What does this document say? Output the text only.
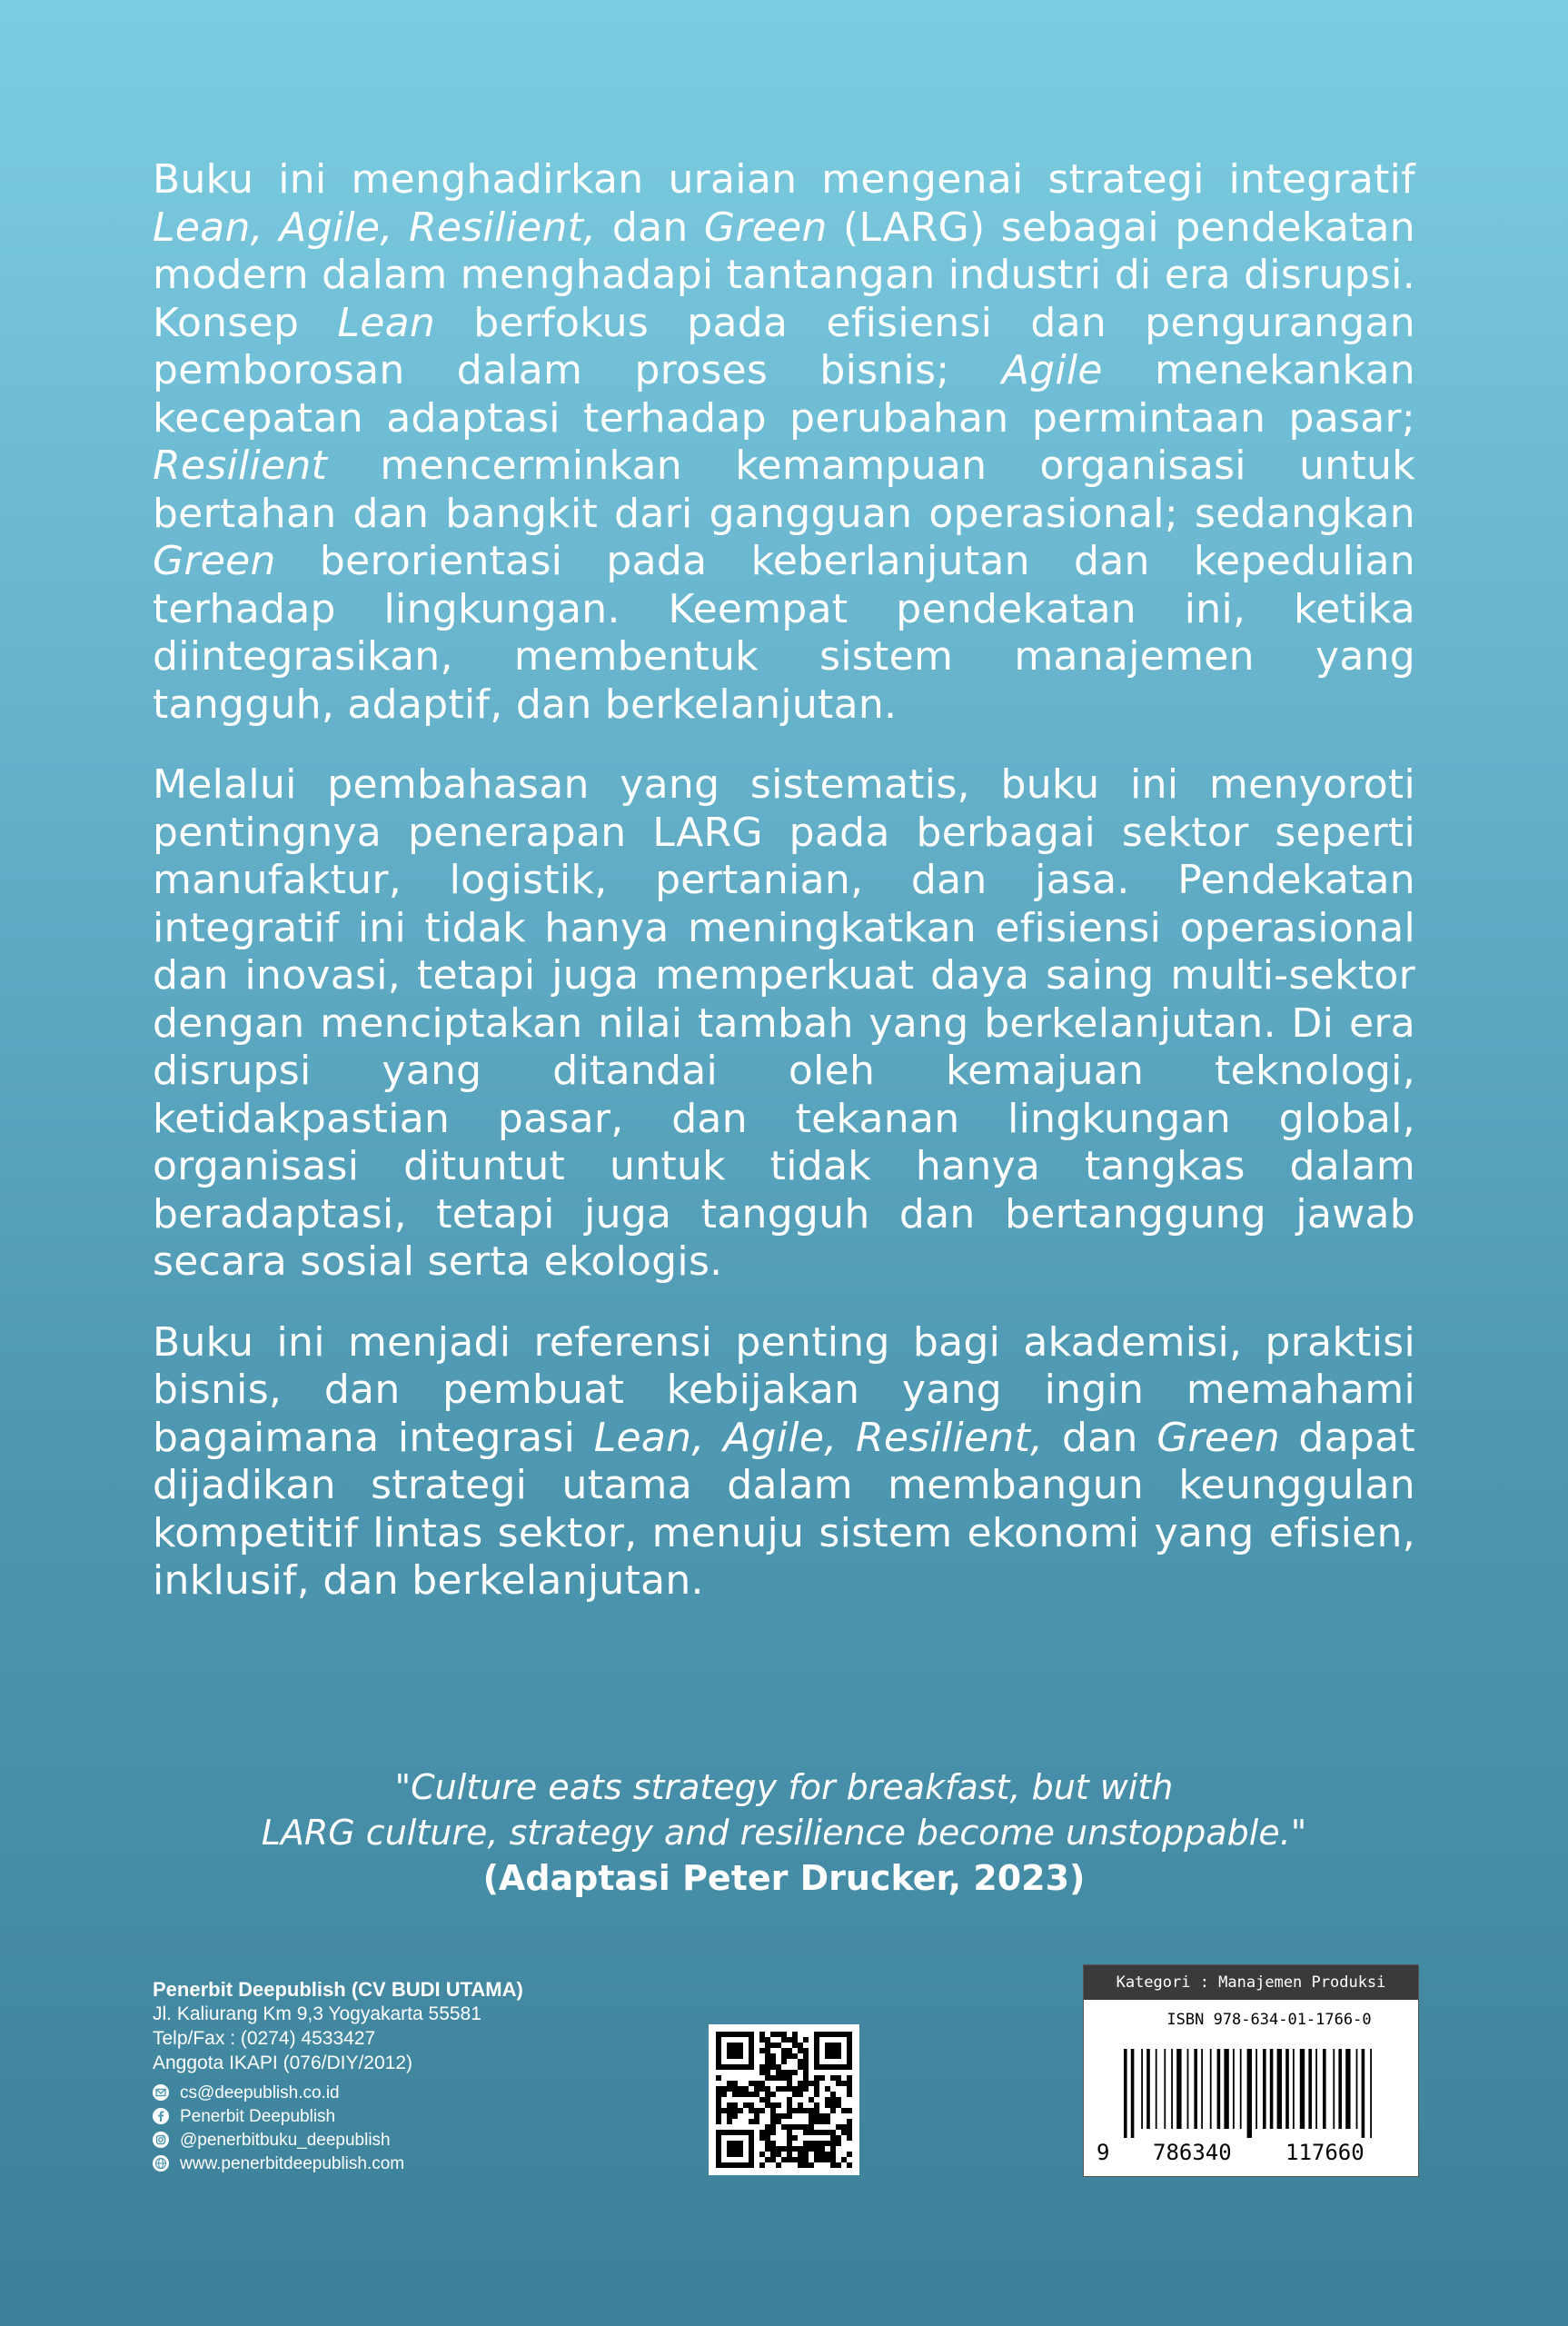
Buku ini menghadirkan uraian mengenai strategi integratif Lean, Agile, Resilient, dan Green (LARG) sebagai pendekatan modern dalam menghadapi tantangan industri di era disrupsi. Konsep Lean berfokus pada efisiensi dan pengurangan pemborosan dalam proses bisnis; Agile menekankan kecepatan adaptasi terhadap perubahan permintaan pasar; Resilient mencerminkan kemampuan organisasi untuk bertahan dan bangkit dari gangguan operasional; sedangkan Green berorientasi pada keberlanjutan dan kepedulian terhadap lingkungan. Keempat pendekatan ini, ketika diintegrasikan, membentuk sistem manajemen yang tangguh, adaptif, dan berkelanjutan.

Melalui pembahasan yang sistematis, buku ini menyoroti pentingnya penerapan LARG pada berbagai sektor seperti manufaktur, logistik, pertanian, dan jasa. Pendekatan integratif ini tidak hanya meningkatkan efisiensi operasional dan inovasi, tetapi juga memperkuat daya saing multi-sektor dengan menciptakan nilai tambah yang berkelanjutan. Di era disrupsi yang ditandai oleh kemajuan teknologi, ketidakpastian pasar, dan tekanan lingkungan global, organisasi dituntut untuk tidak hanya tangkas dalam beradaptasi, tetapi juga tangguh dan bertanggung jawab secara sosial serta ekologis.

Buku ini menjadi referensi penting bagi akademisi, praktisi bisnis, dan pembuat kebijakan yang ingin memahami bagaimana integrasi Lean, Agile, Resilient, dan Green dapat dijadikan strategi utama dalam membangun keunggulan kompetitif lintas sektor, menuju sistem ekonomi yang efisien, inklusif, dan berkelanjutan.

"Culture eats strategy for breakfast, but with
LARG culture, strategy and resilience become unstoppable."
(Adaptasi Peter Drucker, 2023)
Penerbit Deepublish (CV BUDI UTAMA)
Jl. Kaliurang Km 9,3 Yogyakarta 55581
Telp/Fax : (0274) 4533427
Anggota IKAPI (076/DIY/2012)
cs@deepublish.co.id
Penerbit Deepublish
@penerbitbuku_deepublish
www.penerbitdeepublish.com
Kategori : Manajemen Produksi
ISBN 978-634-01-1766-0
9 786340 117660
